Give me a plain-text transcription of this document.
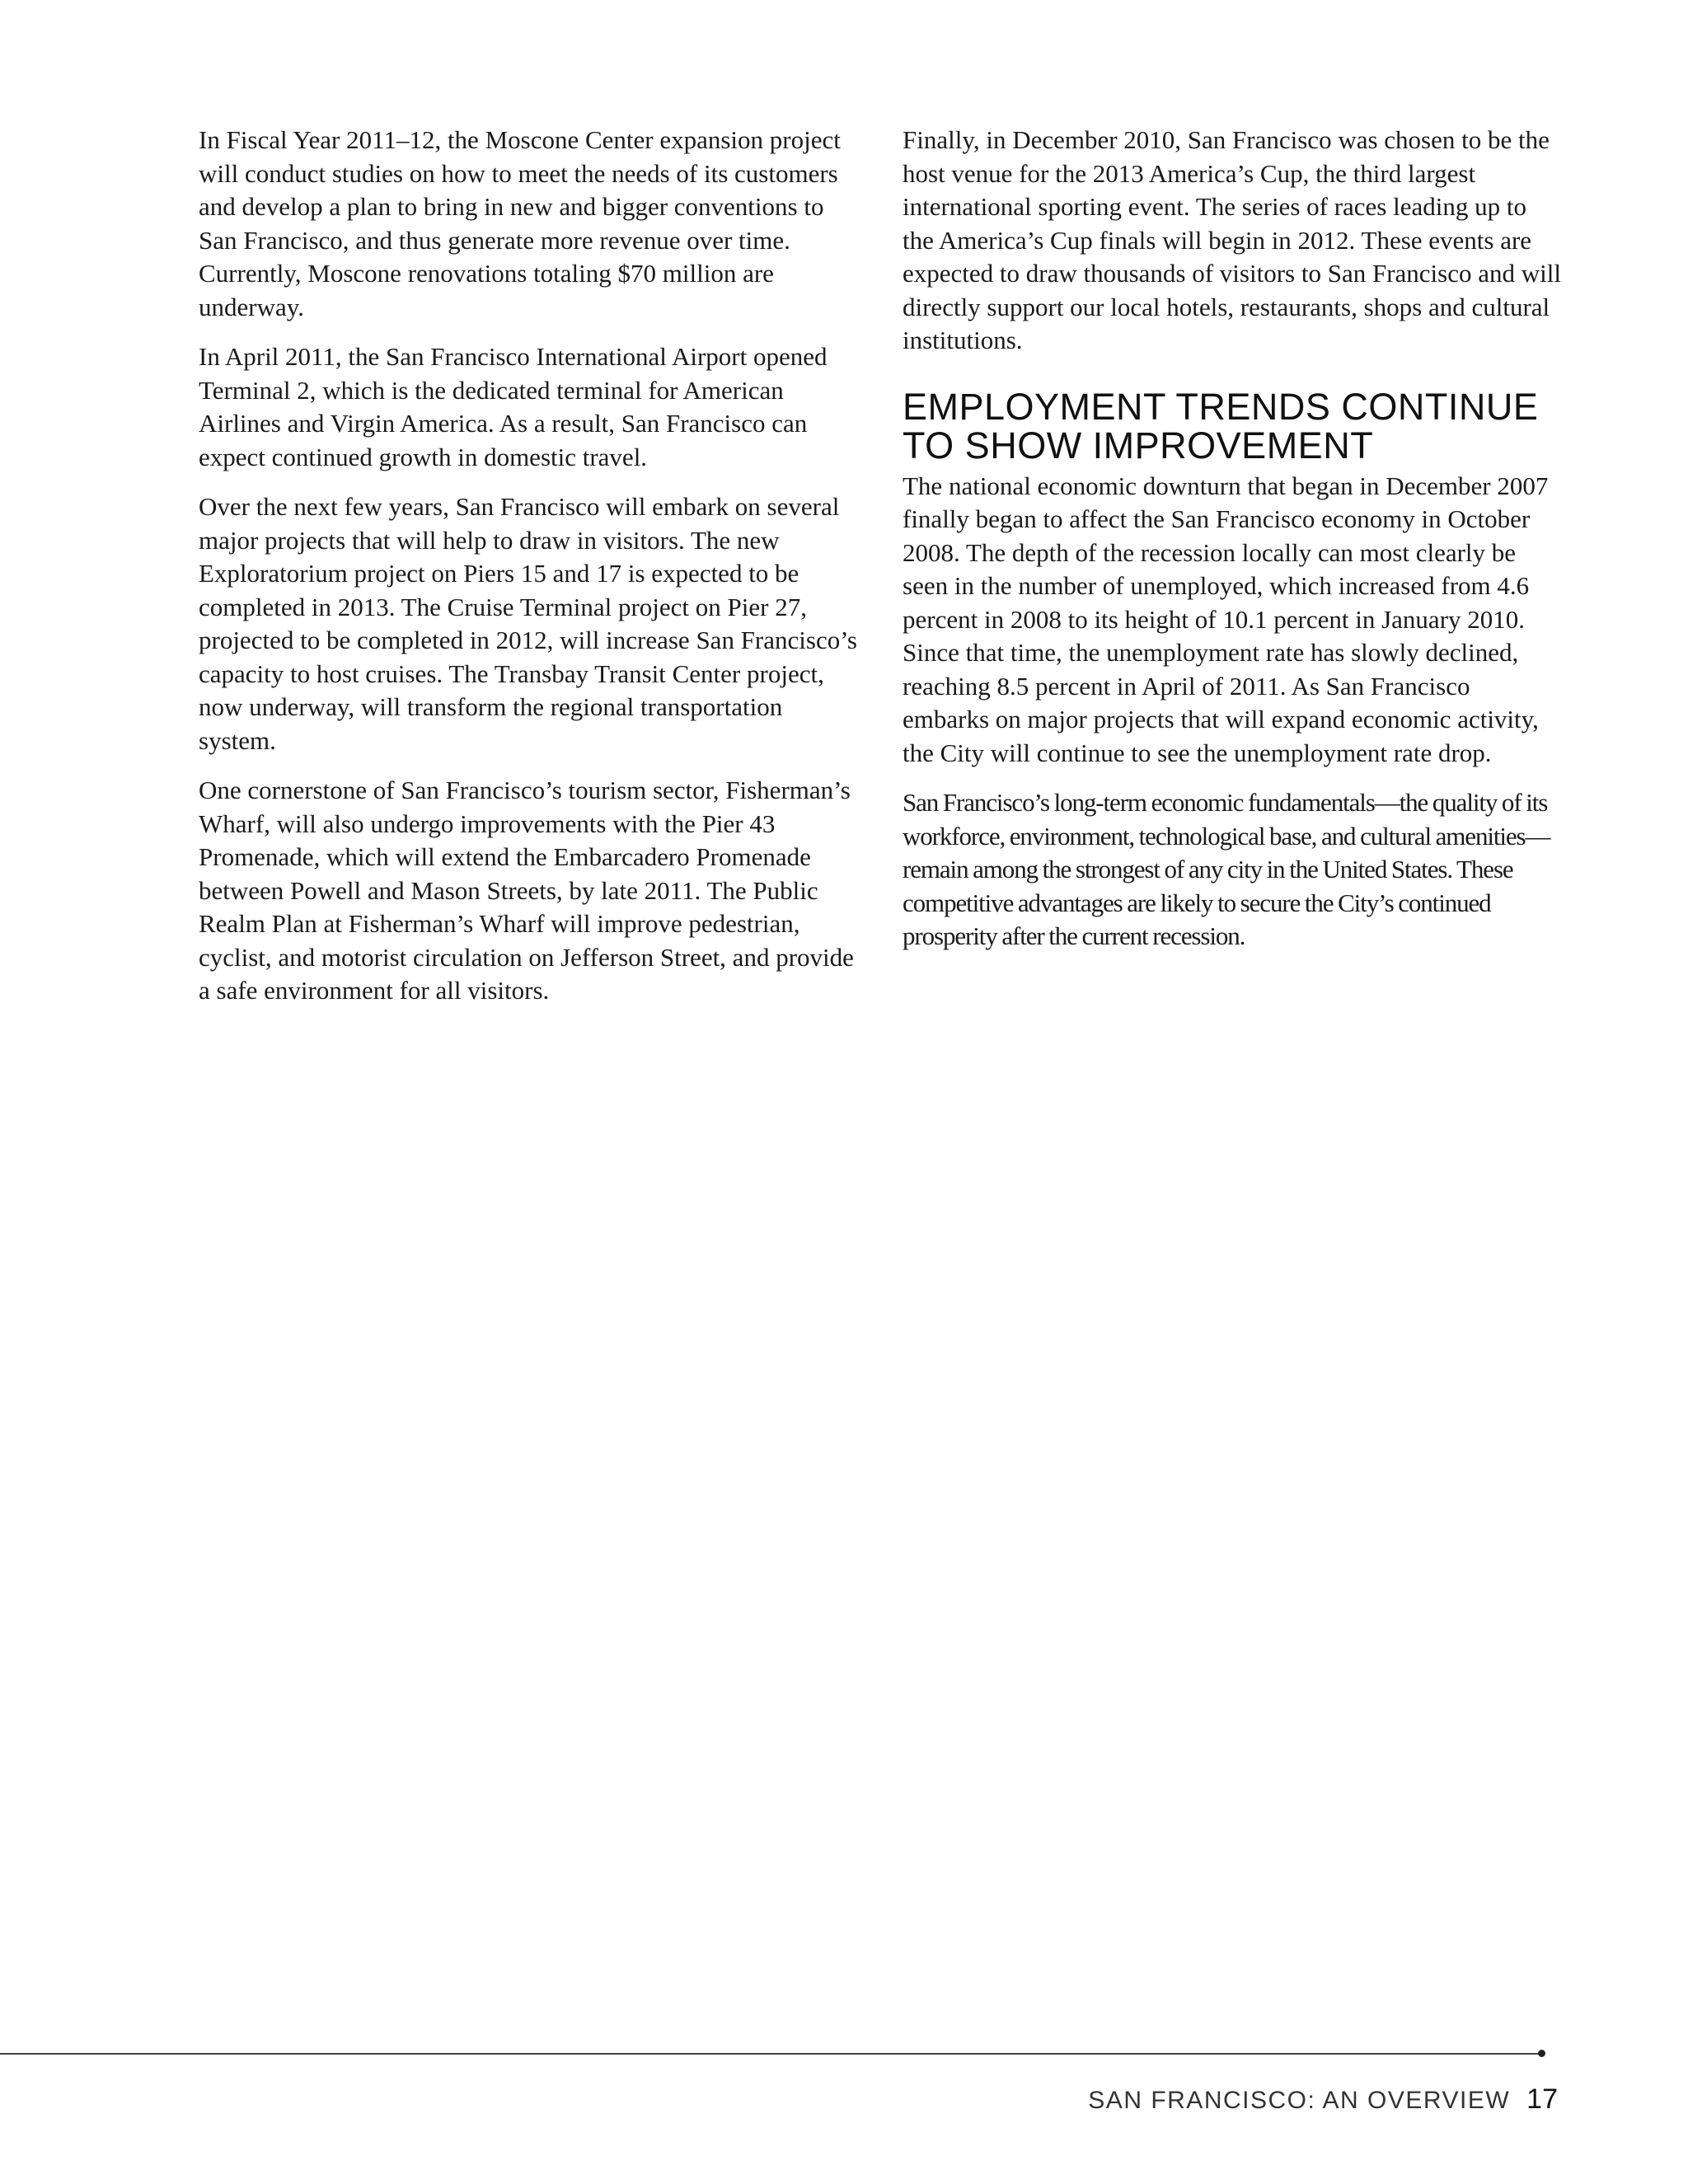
In Fiscal Year 2011–12, the Moscone Center expansion project will conduct studies on how to meet the needs of its customers and develop a plan to bring in new and bigger conventions to San Francisco, and thus generate more revenue over time. Currently, Moscone renovations totaling $70 million are underway.

In April 2011, the San Francisco International Airport opened Terminal 2, which is the dedicated terminal for American Airlines and Virgin America. As a result, San Francisco can expect continued growth in domestic travel.

Over the next few years, San Francisco will embark on several major projects that will help to draw in visitors. The new Exploratorium project on Piers 15 and 17 is expected to be completed in 2013. The Cruise Terminal project on Pier 27, projected to be completed in 2012, will increase San Francisco’s capacity to host cruises. The Transbay Transit Center project, now underway, will transform the regional transportation system.

One cornerstone of San Francisco’s tourism sector, Fisherman’s Wharf, will also undergo improvements with the Pier 43 Promenade, which will extend the Embarcadero Promenade between Powell and Mason Streets, by late 2011. The Public Realm Plan at Fisherman’s Wharf will improve pedestrian, cyclist, and motorist circulation on Jefferson Street, and provide a safe environment for all visitors.

Finally, in December 2010, San Francisco was chosen to be the host venue for the 2013 America’s Cup, the third largest international sporting event. The series of races leading up to the America’s Cup finals will begin in 2012. These events are expected to draw thousands of visitors to San Francisco and will directly support our local hotels, restaurants, shops and cultural institutions.

EMPLOYMENT TRENDS CONTINUE TO SHOW IMPROVEMENT

The national economic downturn that began in December 2007 finally began to affect the San Francisco economy in October 2008. The depth of the recession locally can most clearly be seen in the number of unemployed, which increased from 4.6 percent in 2008 to its height of 10.1 percent in January 2010. Since that time, the unemployment rate has slowly declined, reaching 8.5 percent in April of 2011. As San Francisco embarks on major projects that will expand economic activity, the City will continue to see the unemployment rate drop.

San Francisco’s long-term economic fundamentals—the quality of its workforce, environment, technological base, and cultural amenities—remain among the strongest of any city in the United States. These competitive advantages are likely to secure the City’s continued prosperity after the current recession.

SAN FRANCISCO: AN OVERVIEW 17
